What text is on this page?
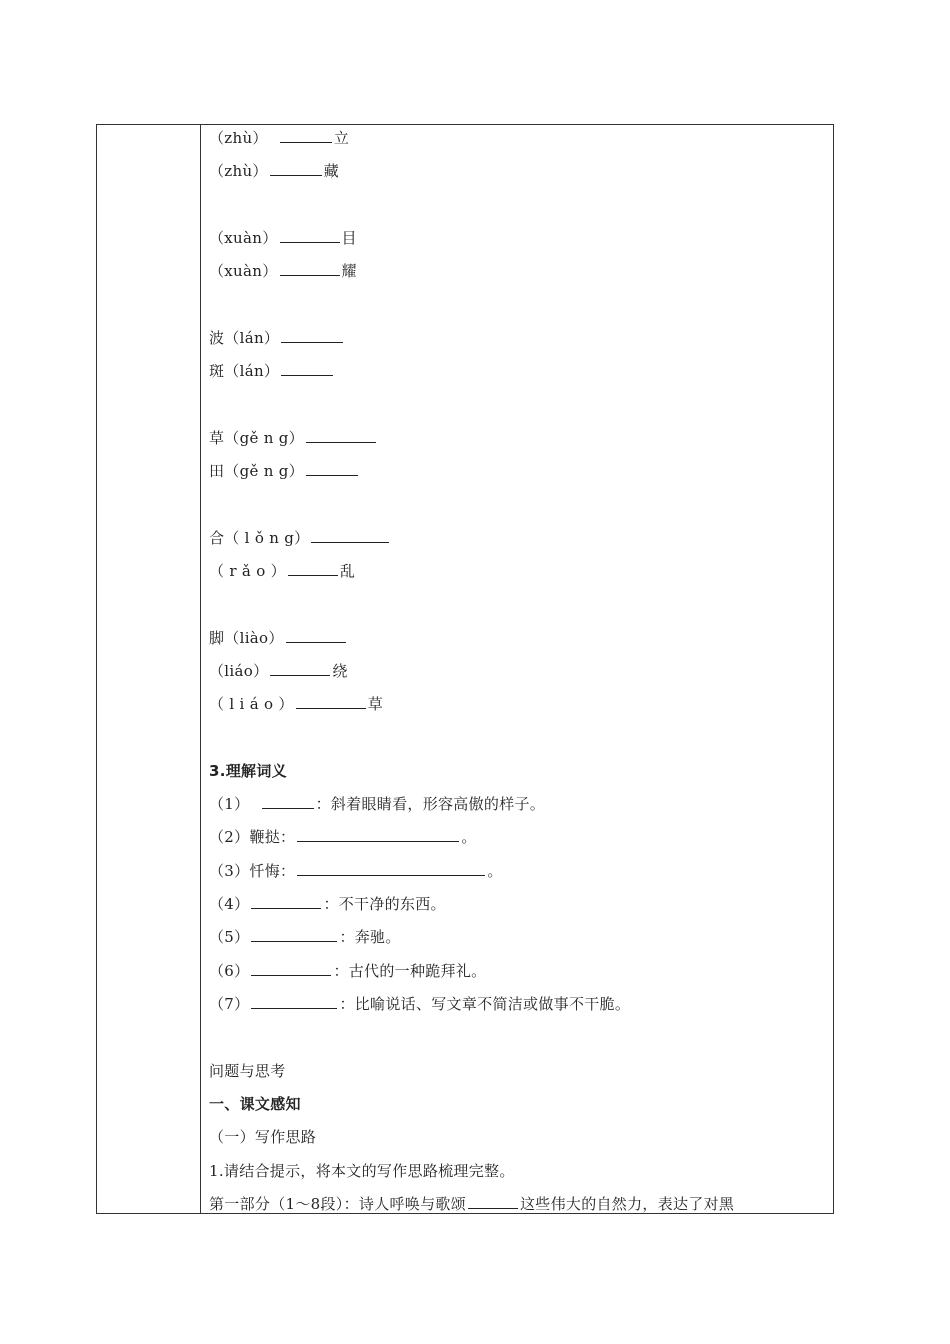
（zhù）	立
（zhù）	藏
（xuàn）	目
（xuàn）	耀
波（lán）
斑（lán）
草（gě n g）
田（gě n g）
合（ l ǒ n g）
（ r ǎ o ）	乱
脚（liào）
（liáo）	绕
（ l i á o ）	草
3.理解词义
（1）	：斜着眼睛看，形容高傲的样子。
（2）鞭挞：	。
（3）忏悔：	。
（4）	：不干净的东西。
（5）	：奔驰。
（6）	：古代的一种跪拜礼。
（7）	：比喻说话、写文章不简洁或做事不干脆。
问题与思考
一、课文感知
（一）写作思路
1.请结合提示，将本文的写作思路梳理完整。
第一部分（1～8段）：诗人呼唤与歌颂	这些伟大的自然力，表达了对黑
